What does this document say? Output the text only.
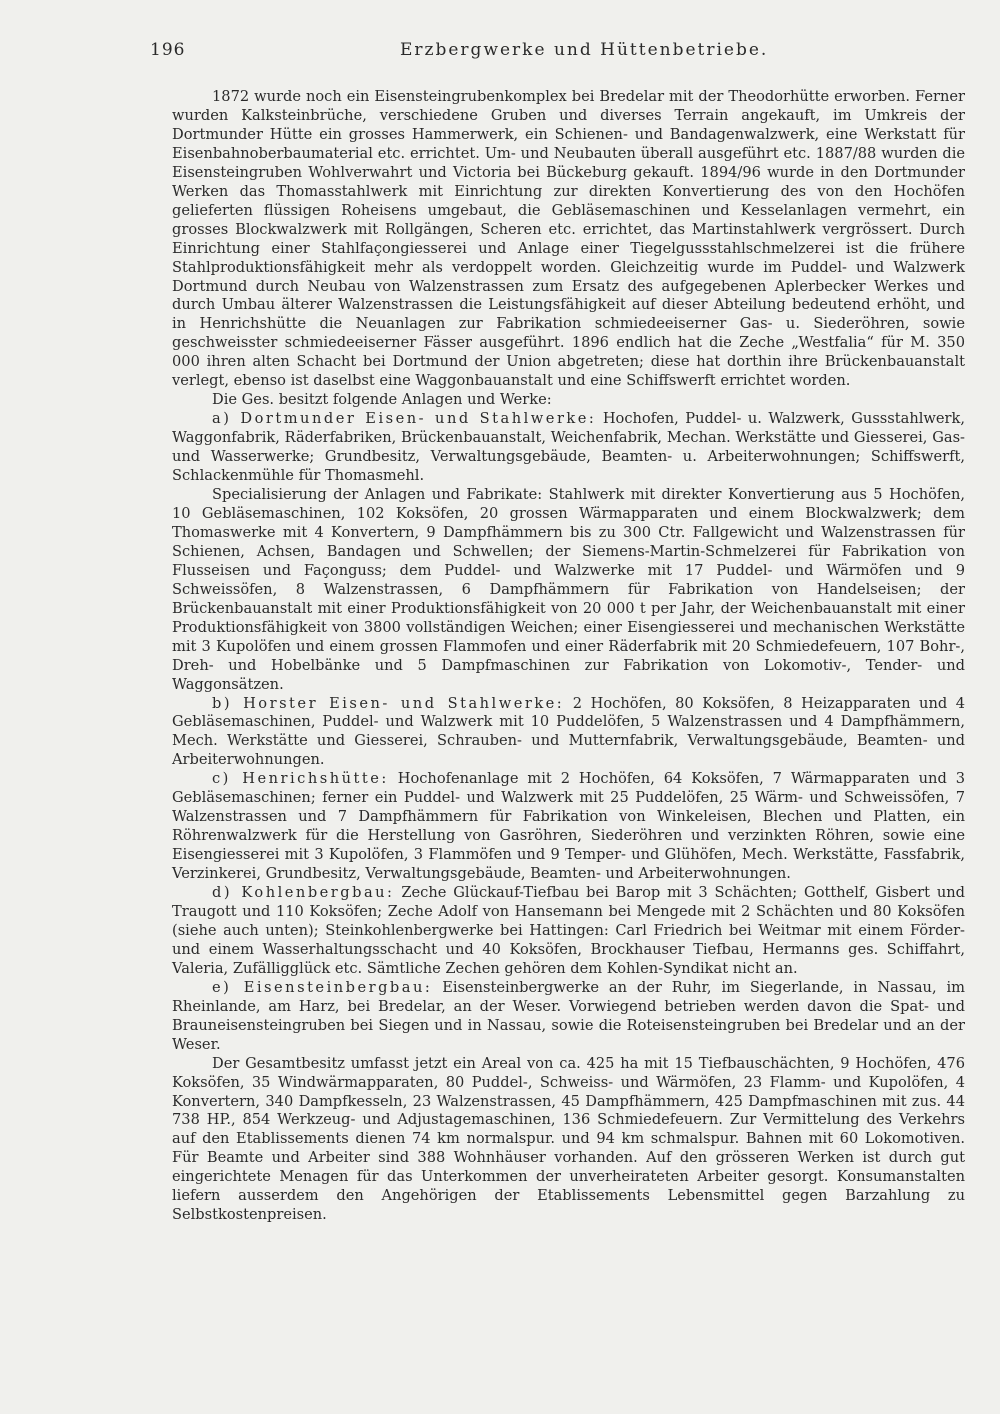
196	Erzbergwerke und Hüttenbetriebe.

1872 wurde noch ein Eisensteingrubenkomplex bei Bredelar mit der Theodorhütte erworben. Ferner wurden Kalksteinbrüche, verschiedene Gruben und diverses Terrain angekauft, im Umkreis der Dortmunder Hütte ein grosses Hammerwerk, ein Schienen- und Bandagenwalzwerk, eine Werkstatt für Eisenbahnoberbaumaterial etc. errichtet. Um- und Neubauten überall ausgeführt etc. 1887/88 wurden die Eisensteingruben Wohlverwahrt und Victoria bei Bückeburg gekauft. 1894/96 wurde in den Dortmunder Werken das Thomasstahlwerk mit Einrichtung zur direkten Konvertierung des von den Hochöfen gelieferten flüssigen Roheisens umgebaut, die Gebläsemaschinen und Kesselanlagen vermehrt, ein grosses Blockwalzwerk mit Rollgängen, Scheren etc. errichtet, das Martinstahlwerk vergrössert. Durch Einrichtung einer Stahlfaçongiesserei und Anlage einer Tiegelgussstahlschmelzerei ist die frühere Stahlproduktionsfähigkeit mehr als verdoppelt worden. Gleichzeitig wurde im Puddel- und Walzwerk Dortmund durch Neubau von Walzenstrassen zum Ersatz des aufgegebenen Aplerbecker Werkes und durch Umbau älterer Walzenstrassen die Leistungsfähigkeit auf dieser Abteilung bedeutend erhöht, und in Henrichshütte die Neuanlagen zur Fabrikation schmiedeeiserner Gas- u. Siederöhren, sowie geschweisster schmiedeeiserner Fässer ausgeführt. 1896 endlich hat die Zeche „Westfalia“ für M. 350 000 ihren alten Schacht bei Dortmund der Union abgetreten; diese hat dorthin ihre Brückenbauanstalt verlegt, ebenso ist daselbst eine Waggonbauanstalt und eine Schiffswerft errichtet worden.

Die Ges. besitzt folgende Anlagen und Werke:

a) Dortmunder Eisen- und Stahlwerke: Hochofen, Puddel- u. Walzwerk, Gussstahlwerk, Waggonfabrik, Räderfabriken, Brückenbauanstalt, Weichenfabrik, Mechan. Werkstätte und Giesserei, Gas- und Wasserwerke; Grundbesitz, Verwaltungsgebäude, Beamten- u. Arbeiterwohnungen; Schiffswerft, Schlackenmühle für Thomasmehl.

Specialisierung der Anlagen und Fabrikate: Stahlwerk mit direkter Konvertierung aus 5 Hochöfen, 10 Gebläsemaschinen, 102 Koksöfen, 20 grossen Wärmapparaten und einem Blockwalzwerk; dem Thomaswerke mit 4 Konvertern, 9 Dampfhämmern bis zu 300 Ctr. Fallgewicht und Walzenstrassen für Schienen, Achsen, Bandagen und Schwellen; der Siemens-Martin-Schmelzerei für Fabrikation von Flusseisen und Façonguss; dem Puddel- und Walzwerke mit 17 Puddel- und Wärmöfen und 9 Schweissöfen, 8 Walzenstrassen, 6 Dampfhämmern für Fabrikation von Handelseisen; der Brückenbauanstalt mit einer Produktionsfähigkeit von 20 000 t per Jahr, der Weichenbauanstalt mit einer Produktionsfähigkeit von 3800 vollständigen Weichen; einer Eisengiesserei und mechanischen Werkstätte mit 3 Kupolöfen und einem grossen Flammofen und einer Räderfabrik mit 20 Schmiedefeuern, 107 Bohr-, Dreh- und Hobelbänke und 5 Dampfmaschinen zur Fabrikation von Lokomotiv-, Tender- und Waggonsätzen.

b) Horster Eisen- und Stahlwerke: 2 Hochöfen, 80 Koksöfen, 8 Heizapparaten und 4 Gebläsemaschinen, Puddel- und Walzwerk mit 10 Puddelöfen, 5 Walzenstrassen und 4 Dampfhämmern, Mech. Werkstätte und Giesserei, Schrauben- und Mutternfabrik, Verwaltungsgebäude, Beamten- und Arbeiterwohnungen.

c) Henrichshütte: Hochofenanlage mit 2 Hochöfen, 64 Koksöfen, 7 Wärmapparaten und 3 Gebläsemaschinen; ferner ein Puddel- und Walzwerk mit 25 Puddelöfen, 25 Wärm- und Schweissöfen, 7 Walzenstrassen und 7 Dampfhämmern für Fabrikation von Winkeleisen, Blechen und Platten, ein Röhrenwalzwerk für die Herstellung von Gasröhren, Siederöhren und verzinkten Röhren, sowie eine Eisengiesserei mit 3 Kupolöfen, 3 Flammöfen und 9 Temper- und Glühöfen, Mech. Werkstätte, Fassfabrik, Verzinkerei, Grundbesitz, Verwaltungsgebäude, Beamten- und Arbeiterwohnungen.

d) Kohlenbergbau: Zeche Glückauf-Tiefbau bei Barop mit 3 Schächten; Gotthelf, Gisbert und Traugott und 110 Koksöfen; Zeche Adolf von Hansemann bei Mengede mit 2 Schächten und 80 Koksöfen (siehe auch unten); Steinkohlenbergwerke bei Hattingen: Carl Friedrich bei Weitmar mit einem Förder- und einem Wasserhaltungsschacht und 40 Koksöfen, Brockhauser Tiefbau, Hermanns ges. Schiffahrt, Valeria, Zufälligglück etc. Sämtliche Zechen gehören dem Kohlen-Syndikat nicht an.

e) Eisensteinbergbau: Eisensteinbergwerke an der Ruhr, im Siegerlande, in Nassau, im Rheinlande, am Harz, bei Bredelar, an der Weser. Vorwiegend betrieben werden davon die Spat- und Brauneisensteingruben bei Siegen und in Nassau, sowie die Roteisensteingruben bei Bredelar und an der Weser.

Der Gesamtbesitz umfasst jetzt ein Areal von ca. 425 ha mit 15 Tiefbauschächten, 9 Hochöfen, 476 Koksöfen, 35 Windwärmapparaten, 80 Puddel-, Schweiss- und Wärmöfen, 23 Flamm- und Kupolöfen, 4 Konvertern, 340 Dampfkesseln, 23 Walzenstrassen, 45 Dampfhämmern, 425 Dampfmaschinen mit zus. 44 738 HP., 854 Werkzeug- und Adjustagemaschinen, 136 Schmiedefeuern. Zur Vermittelung des Verkehrs auf den Etablissements dienen 74 km normalspur. und 94 km schmalspur. Bahnen mit 60 Lokomotiven. Für Beamte und Arbeiter sind 388 Wohnhäuser vorhanden. Auf den grösseren Werken ist durch gut eingerichtete Menagen für das Unterkommen der unverheirateten Arbeiter gesorgt. Konsumanstalten liefern ausserdem den Angehörigen der Etablissements Lebensmittel gegen Barzahlung zu Selbstkostenpreisen.
